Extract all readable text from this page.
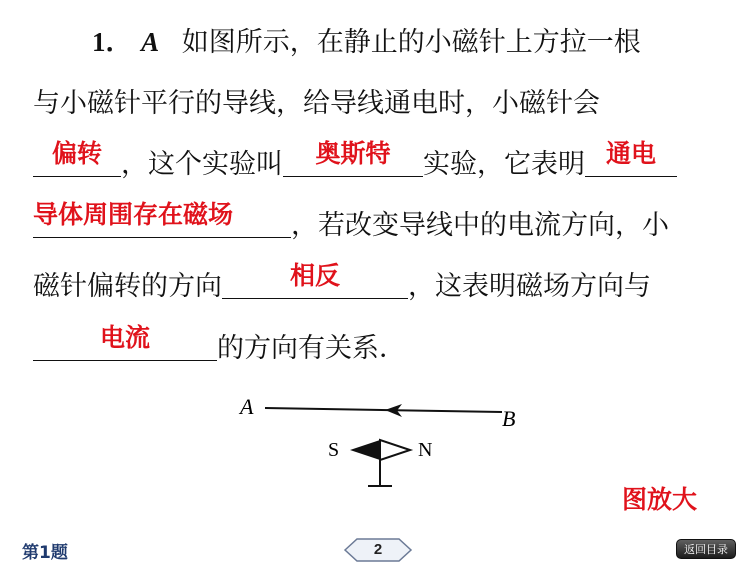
1． A 如图所示，在静止的小磁针上方拉一根
与小磁针平行的导线，给导线通电时，小磁针会
偏转 ，这个实验叫	奥斯特	实验，它表明 通电
导体周围存在磁场	，若改变导线中的电流方向，小
磁针偏转的方向	相反	，这表明磁场方向与
电流	的方向有关系．
A	B
S	N
图放大
第1题	2	返回目录
